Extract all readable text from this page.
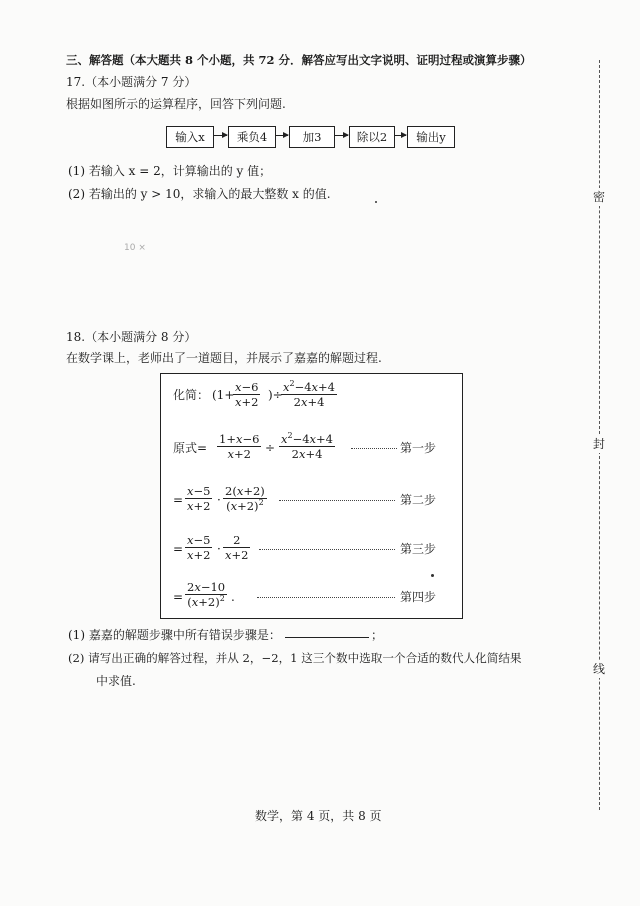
三、解答题（本大题共 8 个小题，共 72 分．解答应写出文字说明、证明过程或演算步骤）
17.（本小题满分 7 分）
根据如图所示的运算程序，回答下列问题.
输入x	乘负4	加3	除以2	输出y
(1) 若输入 x = 2，计算输出的 y 值；
(2) 若输出的 y > 10，求输入的最大整数 x 的值.
10 ×
18.（本小题满分 8 分）
在数学课上，老师出了一道题目，并展示了嘉嘉的解题过程.
化简： (1+
$\frac{x-6}{x+2}$ )÷
$\frac{x^2-4x+4}{2x+4}$
原式= $\frac{1+x-6}{x+2} \div \frac{x^2-4x+4}{2x+4}$	第一步
= $\frac{x-5}{x+2} \cdot \frac{2(x+2)}{(x+2)^2}$	第二步
= $\frac{x-5}{x+2} \cdot \frac{2}{x+2}$	第三步
= $\frac{2x-10}{(x+2)^2}$ .	第四步
(1) 嘉嘉的解题步骤中所有错误步骤是：	；
(2) 请写出正确的解答过程，并从 2，−2，1 这三个数中选取一个合适的数代人化简结果
中求值.
密
封
线
数学，第 4 页，共 8 页
